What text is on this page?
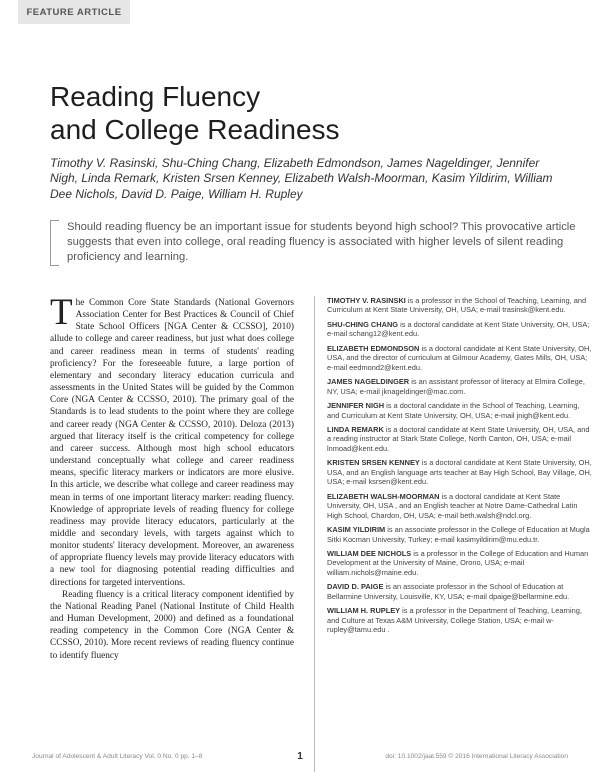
FEATURE ARTICLE
Reading Fluency
and College Readiness

Timothy V. Rasinski, Shu-Ching Chang, Elizabeth Edmondson, James Nageldinger, Jennifer Nigh, Linda Remark, Kristen Srsen Kenney, Elizabeth Walsh-Moorman, Kasim Yildirim, William Dee Nichols, David D. Paige, William H. Rupley

Should reading fluency be an important issue for students beyond high school? This provocative article suggests that even into college, oral reading fluency is associated with higher levels of silent reading proficiency and learning.

The Common Core State Standards (National Governors Association Center for Best Practices & Council of Chief State School Officers [NGA Center & CCSSO], 2010) allude to college and career readiness, but just what does college and career readiness mean in terms of students' reading proficiency? For the foreseeable future, a large portion of elementary and secondary literacy education curricula and assessments in the United States will be guided by the Common Core (NGA Center & CCSSO, 2010). The primary goal of the Standards is to lead students to the point where they are college and career ready (NGA Center & CCSSO, 2010). Deloza (2013) argued that literacy itself is the critical competency for college and career success. Although most high school educators understand conceptually what college and career readiness means, specific literacy markers or indicators are more elusive. In this article, we describe what college and career readiness may mean in terms of one important literacy marker: reading fluency. Knowledge of appropriate levels of reading fluency for college readiness may provide literacy educators, particularly at the middle and secondary levels, with targets against which to monitor students' literacy development. Moreover, an awareness of appropriate fluency levels may provide literacy educators with a new tool for diagnosing potential reading difficulties and directions for targeted interventions.

Reading fluency is a critical literacy component identified by the National Reading Panel (National Institute of Child Health and Human Development, 2000) and defined as a foundational reading competency in the Common Core (NGA Center & CCSSO, 2010). More recent reviews of reading fluency continue to identify fluency

TIMOTHY V. RASINSKI is a professor in the School of Teaching, Learning, and Curriculum at Kent State University, OH, USA; e-mail trasinsk@kent.edu.

SHU-CHING CHANG is a doctoral candidate at Kent State University, OH, USA; e-mail schang12@kent.edu.

ELIZABETH EDMONDSON is a doctoral candidate at Kent State University, OH, USA, and the director of curriculum at Gilmour Academy, Gates Mills, OH, USA; e-mail eedmond2@kent.edu.

JAMES NAGELDINGER is an assistant professor of literacy at Elmira College, NY, USA; e-mail jknageldinger@mac.com.

JENNIFER NIGH is a doctoral candidate in the School of Teaching, Learning, and Curriculum at Kent State University, OH, USA; e-mail jnigh@kent.edu.

LINDA REMARK is a doctoral candidate at Kent State University, OH, USA, and a reading instructor at Stark State College, North Canton, OH, USA; e-mail lnmoad@kent.edu.

KRISTEN SRSEN KENNEY is a doctoral candidate at Kent State University, OH, USA, and an English language arts teacher at Bay High School, Bay Village, OH, USA; e-mail ksrsen@kent.edu.

ELIZABETH WALSH-MOORMAN is a doctoral candidate at Kent State University, OH, USA , and an English teacher at Notre Dame-Cathedral Latin High School, Chardon, OH, USA; e-mail beth.walsh@ndcl.org.

KASIM YILDIRIM is an associate professor in the College of Education at Mugla Sitki Kocman University, Turkey; e-mail kasimyildirim@mu.edu.tr.

WILLIAM DEE NICHOLS is a professor in the College of Education and Human Development at the University of Maine, Orono, USA; e-mail william.nichols@maine.edu.

DAVID D. PAIGE is an associate professor in the School of Education at Bellarmine University, Louisville, KY, USA; e-mail dpaige@bellarmine.edu.

WILLIAM H. RUPLEY is a professor in the Department of Teaching, Learning, and Culture at Texas A&M University, College Station, USA; e-mail w-rupley@tamu.edu .

Journal of Adolescent & Adult Literacy Vol. 0 No. 0 pp. 1–8	1	doi: 10.1002/jaal.559 © 2016 International Literacy Association
